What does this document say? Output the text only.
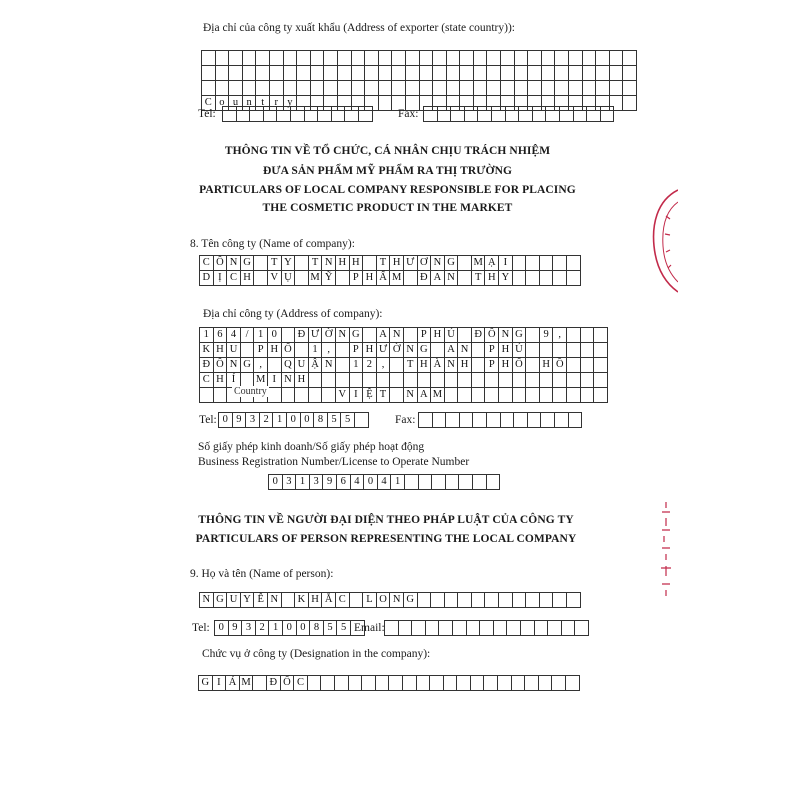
Địa chỉ của công ty xuất khẩu (Address of exporter (state country)):
C o u n t r y
Tel:	Fax:
THÔNG TIN VỀ TỔ CHỨC, CÁ NHÂN CHỊU TRÁCH NHIỆM
ĐƯA SẢN PHẨM MỸ PHẨM RA THỊ TRƯỜNG
PARTICULARS OF LOCAL COMPANY RESPONSIBLE FOR PLACING
THE COSMETIC PRODUCT IN THE MARKET
8. Tên công ty (Name of company):
C Ô N G	T Y	T N H H	T H Ư Ơ N G	M Ạ I
D Ị C H	V Ụ	M Ỹ	P H Ẩ M	Đ A N	T H Y
Địa chỉ công ty (Address of company):
1 6 4 / 1 0	Đ Ư Ờ N G	A N	P H Ú	Đ Ô N G	9 ,
K H U	P H Ố	1 ,	P H Ư Ờ N G	A N	P H Ú
Đ Ô N G ,	Q U Ậ N	1 2 ,	T H À N H	P H Ố	H Ồ
C H Í	M I N H
V I Ệ T	N A M
Country
Tel: 0 9 3 2 1 0 0 8 5 5	Fax:
Số giấy phép kinh doanh/Số giấy phép hoạt động
Business Registration Number/License to Operate Number
0 3 1 3 9 6 4 0 4 1
THÔNG TIN VỀ NGƯỜI ĐẠI DIỆN THEO PHÁP LUẬT CỦA CÔNG TY
PARTICULARS OF PERSON REPRESENTING THE LOCAL COMPANY
9. Họ và tên (Name of person):
N G U Y Ễ N	K H Ắ C	L O N G
Tel: 0 9 3 2 1 0 0 8 5 5 Email:
Chức vụ ở công ty (Designation in the company):
G I Á M	Đ Ố C
